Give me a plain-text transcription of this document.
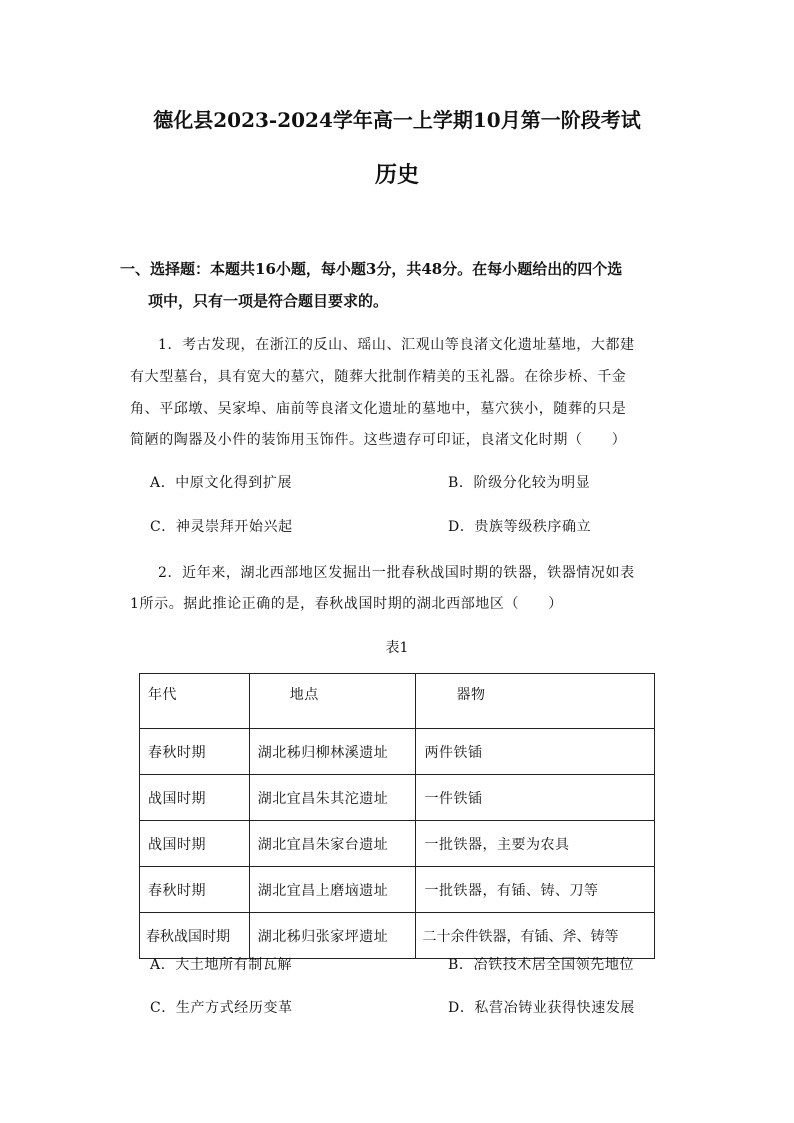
德化县2023-2024学年高一上学期10月第一阶段考试
历史
一、选择题：本题共16小题，每小题3分，共48分。在每小题给出的四个选
项中，只有一项是符合题目要求的。
1．考古发现，在浙江的反山、瑶山、汇观山等良渚文化遗址墓地，大都建
有大型墓台，具有宽大的墓穴，随葬大批制作精美的玉礼器。在徐步桥、千金
角、平邱墩、吴家埠、庙前等良渚文化遗址的墓地中，墓穴狭小，随葬的只是
简陋的陶器及小件的装饰用玉饰件。这些遗存可印证，良渚文化时期（　　）
A．中原文化得到扩展	B．阶级分化较为明显
C．神灵崇拜开始兴起	D．贵族等级秩序确立
2．近年来，湖北西部地区发掘出一批春秋战国时期的铁器，铁器情况如表
1所示。据此推论正确的是，春秋战国时期的湖北西部地区（　　）
表1
年代	地点	器物
春秋时期	湖北秭归柳林溪遗址	两件铁锸
战国时期	湖北宜昌朱其沱遗址	一件铁锸
战国时期	湖北宜昌朱家台遗址	一批铁器，主要为农具
春秋时期	湖北宜昌上磨垴遗址	一批铁器，有锸、铸、刀等
春秋战国时期	湖北秭归张家坪遗址	二十余件铁器，有锸、斧、铸等
A．大土地所有制瓦解	B．冶铁技术居全国领先地位
C．生产方式经历变革	D．私营冶铸业获得快速发展
